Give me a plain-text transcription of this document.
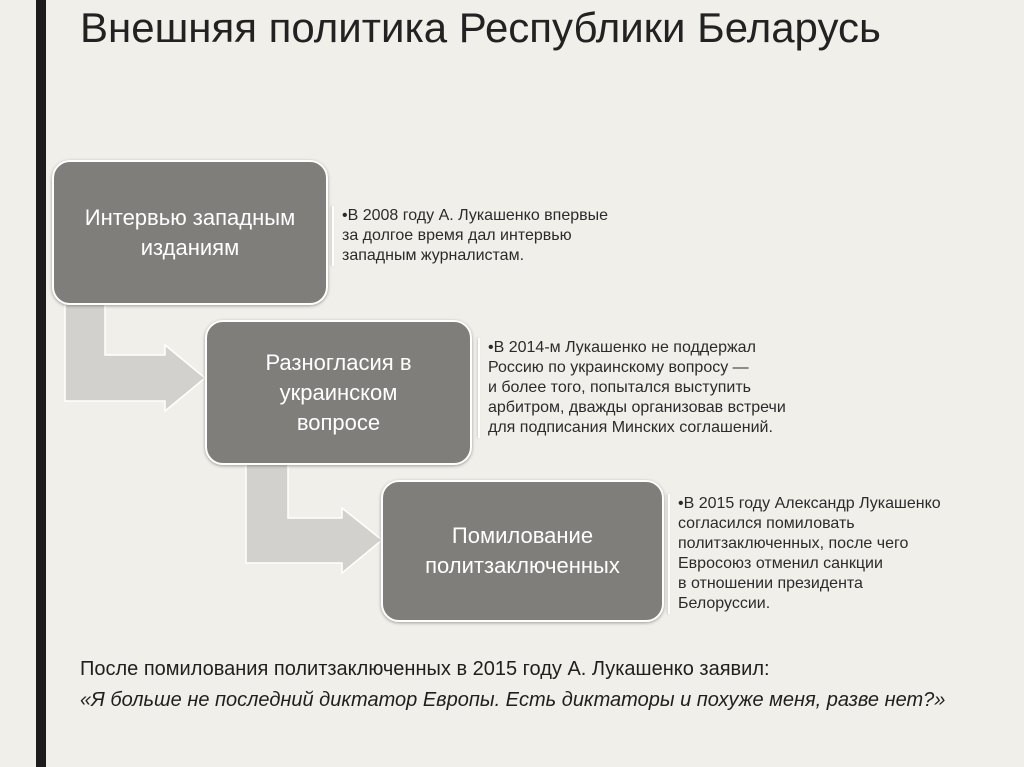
Внешняя политика Республики Беларусь
Интервью западным
изданиям
•В 2008 году А. Лукашенко впервые
за долгое время дал интервью
западным журналистам.
Разногласия в
украинском
вопросе
•В 2014-м Лукашенко не поддержал
Россию по украинскому вопросу —
и более того, попытался выступить
арбитром, дважды организовав встречи
для подписания Минских соглашений.
Помилование
политзаключенных
•В 2015 году Александр Лукашенко
согласился помиловать
политзаключенных, после чего
Евросоюз отменил санкции
в отношении президента
Белоруссии.
После помилования политзаключенных в 2015 году А. Лукашенко заявил:
«Я больше не последний диктатор Европы. Есть диктаторы и похуже меня, разве нет?»
